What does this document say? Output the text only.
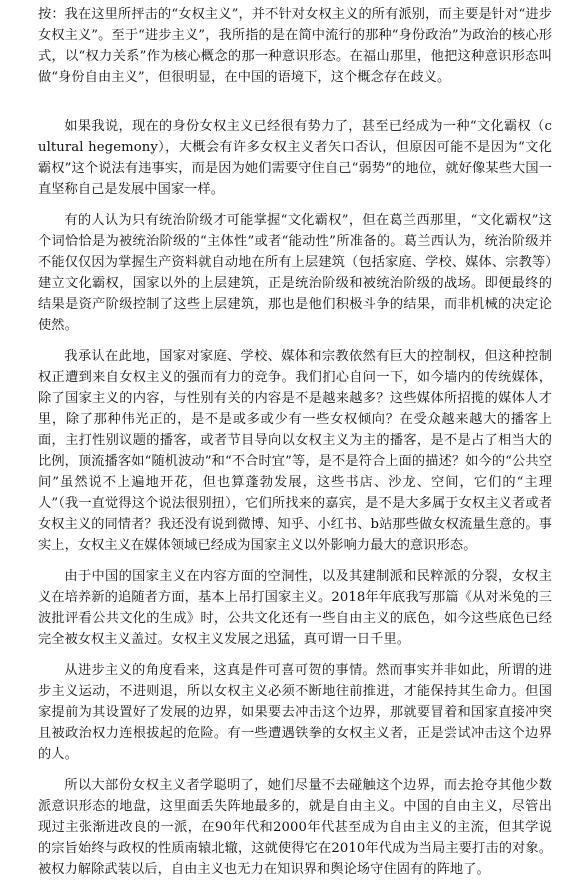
按：我在这里所抨击的“女权主义”，并不针对女权主义的所有派别，而主要是针对“进步女权主义”。至于“进步主义”，我所指的是在简中流行的那种“身份政治”为政治的核心形式，以“权力关系”作为核心概念的那一种意识形态。在福山那里，他把这种意识形态叫做“身份自由主义”，但很明显，在中国的语境下，这个概念存在歧义。

如果我说，现在的身份女权主义已经很有势力了，甚至已经成为一种“文化霸权（cultural hegemony），大概会有许多女权主义者矢口否认，但原因可能不是因为“文化霸权”这个说法有违事实，而是因为她们需要守住自己“弱势”的地位，就好像某些大国一直坚称自己是发展中国家一样。

有的人认为只有统治阶级才可能掌握“文化霸权”，但在葛兰西那里，“文化霸权”这个词恰恰是为被统治阶级的“主体性”或者“能动性”所准备的。葛兰西认为，统治阶级并不能仅仅因为掌握生产资料就自动地在所有上层建筑（包括家庭、学校、媒体、宗教等）建立文化霸权，国家以外的上层建筑，正是统治阶级和被统治阶级的战场。即便最终的结果是资产阶级控制了这些上层建筑，那也是他们积极斗争的结果，而非机械的决定论使然。

我承认在此地，国家对家庭、学校、媒体和宗教依然有巨大的控制权，但这种控制权正遭到来自女权主义的强而有力的竞争。我们扪心自问一下，如今墙内的传统媒体，除了国家主义的内容，与性别有关的内容是不是越来越多？这些媒体所招揽的媒体人才里，除了那种伟光正的，是不是或多或少有一些女权倾向？在受众越来越大的播客上面，主打性别议题的播客，或者节目导向以女权主义为主的播客，是不是占了相当大的比例，顶流播客如“随机波动”和“不合时宜”等，是不是符合上面的描述？如今的“公共空间”虽然说不上遍地开花，但也算蓬勃发展，这些书店、沙龙、空间，它们的“主理人”（我一直觉得这个说法很别扭），它们所找来的嘉宾，是不是大多属于女权主义者或者女权主义的同情者？我还没有说到微博、知乎、小红书、b站那些做女权流量生意的。事实上，女权主义在媒体领域已经成为国家主义以外影响力最大的意识形态。

由于中国的国家主义在内容方面的空洞性，以及其建制派和民粹派的分裂，女权主义在培养新的追随者方面，基本上吊打国家主义。2018年年底我写那篇《从对米兔的三波批评看公共文化的生成》时，公共文化还有一些自由主义的底色，如今这些底色已经完全被女权主义盖过。女权主义发展之迅猛，真可谓一日千里。

从进步主义的角度看来，这真是件可喜可贺的事情。然而事实并非如此，所谓的进步主义运动，不进则退，所以女权主义必须不断地往前推进，才能保持其生命力。但国家提前为其设置好了发展的边界，如果要去冲击这个边界，那就要冒着和国家直接冲突且被政治权力连根拔起的危险。有一些遭遇铁拳的女权主义者，正是尝试冲击这个边界的人。

所以大部份女权主义者学聪明了，她们尽量不去碰触这个边界，而去抢夺其他少数派意识形态的地盘，这里面丢失阵地最多的，就是自由主义。中国的自由主义，尽管出现过主张渐进改良的一派，在90年代和2000年代甚至成为自由主义的主流，但其学说的宗旨始终与政权的性质南辕北辙，这就使得它在2010年代成为当局主要打击的对象。被权力解除武装以后，自由主义也无力在知识界和舆论场守住固有的阵地了。
